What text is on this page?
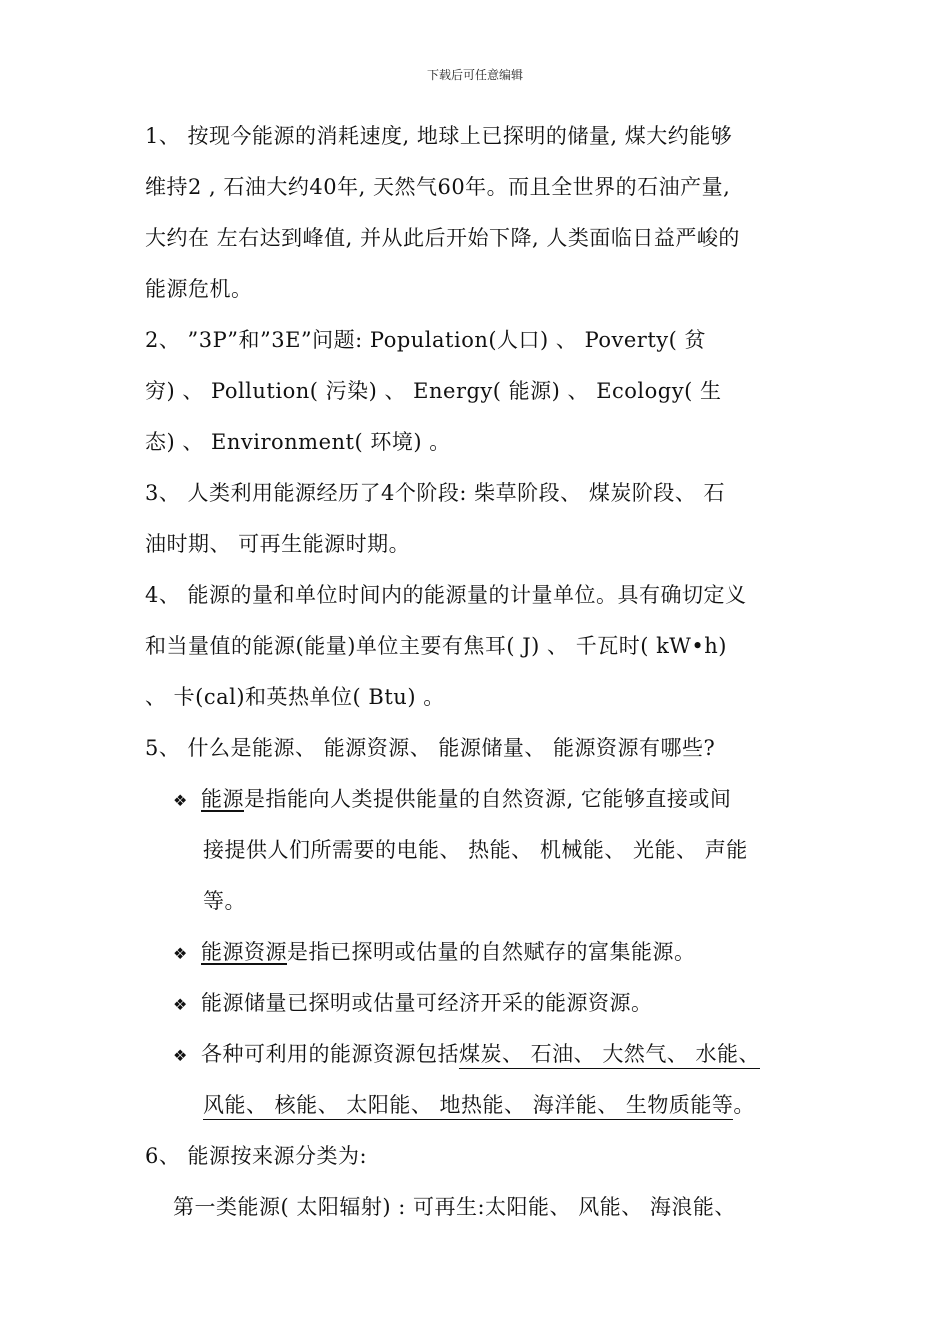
下载后可任意编辑
1、 按现今能源的消耗速度, 地球上已探明的储量, 煤大约能够
维持2 , 石油大约40年, 天然气60年。而且全世界的石油产量,
大约在 左右达到峰值, 并从此后开始下降, 人类面临日益严峻的
能源危机。
2、 ”3P”和”3E”问题: Population(人口) 、 Poverty( 贫
穷) 、 Pollution( 污染) 、 Energy( 能源) 、 Ecology( 生
态) 、 Environment( 环境) 。
3、 人类利用能源经历了4个阶段: 柴草阶段、 煤炭阶段、 石
油时期、 可再生能源时期。
4、 能源的量和单位时间内的能源量的计量单位。具有确切定义
和当量值的能源(能量)单位主要有焦耳( J) 、 千瓦时( kW•h)
、 卡(cal)和英热单位( Btu) 。
5、 什么是能源、 能源资源、 能源储量、 能源资源有哪些?
❖ 能源是指能向人类提供能量的自然资源, 它能够直接或间
接提供人们所需要的电能、 热能、 机械能、 光能、 声能
等。
❖ 能源资源是指已探明或估量的自然赋存的富集能源。
❖ 能源储量已探明或估量可经济开采的能源资源。
❖ 各种可利用的能源资源包括煤炭、 石油、 大然气、 水能、
风能、 核能、 太阳能、 地热能、 海洋能、 生物质能等。
6、 能源按来源分类为:
第一类能源( 太阳辐射) : 可再生:太阳能、 风能、 海浪能、
